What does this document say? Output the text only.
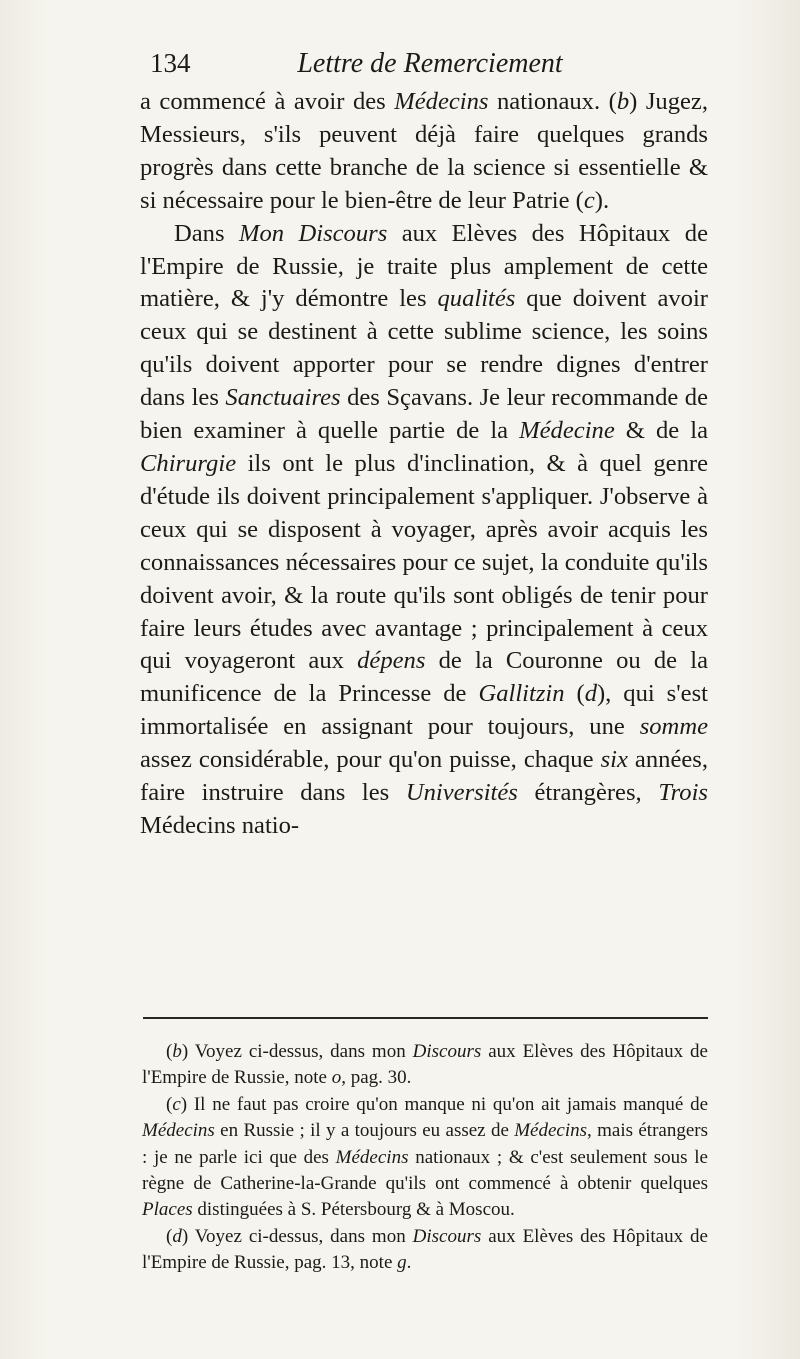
134	Lettre de Remerciement

a commencé à avoir des Médecins nationaux. (b) Jugez, Messieurs, s'ils peuvent déjà faire quelques grands progrès dans cette branche de la science si essentielle & si nécessaire pour le bien-être de leur Patrie (c).

Dans Mon Discours aux Elèves des Hôpitaux de l'Empire de Russie, je traite plus amplement de cette matière, & j'y démontre les qualités que doivent avoir ceux qui se destinent à cette sublime science, les soins qu'ils doivent apporter pour se rendre dignes d'entrer dans les Sanctuaires des Sçavans. Je leur recommande de bien examiner à quelle partie de la Médecine & de la Chirurgie ils ont le plus d'inclination, & à quel genre d'étude ils doivent principalement s'appliquer. J'observe à ceux qui se disposent à voyager, après avoir acquis les connaissances nécessaires pour ce sujet, la conduite qu'ils doivent avoir, & la route qu'ils sont obligés de tenir pour faire leurs études avec avantage ; principalement à ceux qui voyageront aux dépens de la Couronne ou de la munificence de la Princesse de Gallitzin (d), qui s'est immortalisée en assignant pour toujours, une somme assez considérable, pour qu'on puisse, chaque six années, faire instruire dans les Universités étrangères, Trois Médecins natio-

(b) Voyez ci-dessus, dans mon Discours aux Elèves des Hôpitaux de l'Empire de Russie, note o, pag. 30.

(c) Il ne faut pas croire qu'on manque ni qu'on ait jamais manqué de Médecins en Russie ; il y a toujours eu assez de Médecins, mais étrangers : je ne parle ici que des Médecins nationaux ; & c'est seulement sous le règne de Catherine-la-Grande qu'ils ont commencé à obtenir quelques Places distinguées à S. Pétersbourg & à Moscou.

(d) Voyez ci-dessus, dans mon Discours aux Elèves des Hôpitaux de l'Empire de Russie, pag. 13, note g.
